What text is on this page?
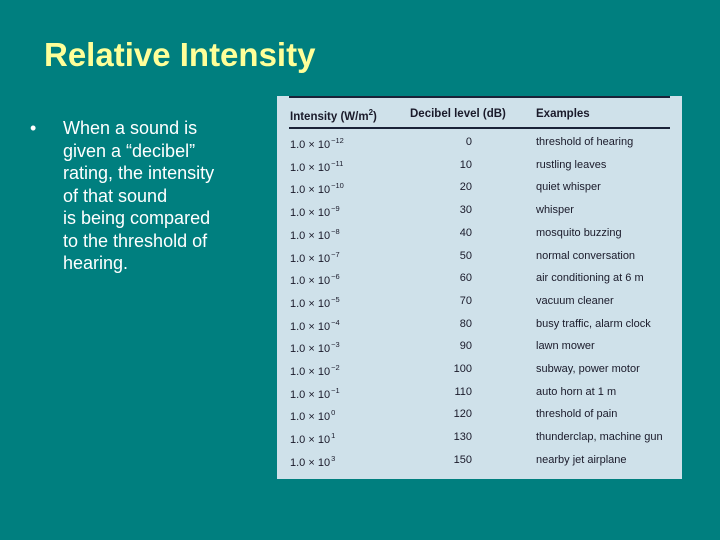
Relative Intensity
• When a sound is
given a “decibel”
rating, the intensity
of that sound
is being compared
to the threshold of
hearing.
Intensity $(W/m^2)$	Decibel level (dB)	Examples
$1.0 \times 10^{-12}$	0	threshold of hearing
$1.0 \times 10^{-11}$	10	rustling leaves
$1.0 \times 10^{-10}$	20	quiet whisper
$1.0 \times 10^{-9}$	30	whisper
$1.0 \times 10^{-8}$	40	mosquito buzzing
$1.0 \times 10^{-7}$	50	normal conversation
$1.0 \times 10^{-6}$	60	air conditioning at 6 m
$1.0 \times 10^{-5}$	70	vacuum cleaner
$1.0 \times 10^{-4}$	80	busy traffic, alarm clock
$1.0 \times 10^{-3}$	90	lawn mower
$1.0 \times 10^{-2}$	100	subway, power motor
$1.0 \times 10^{-1}$	110	auto horn at 1 m
$1.0 \times 10^0$	120	threshold of pain
$1.0 \times 10^1$	130	thunderclap, machine gun
$1.0 \times 10^3$	150	nearby jet airplane
